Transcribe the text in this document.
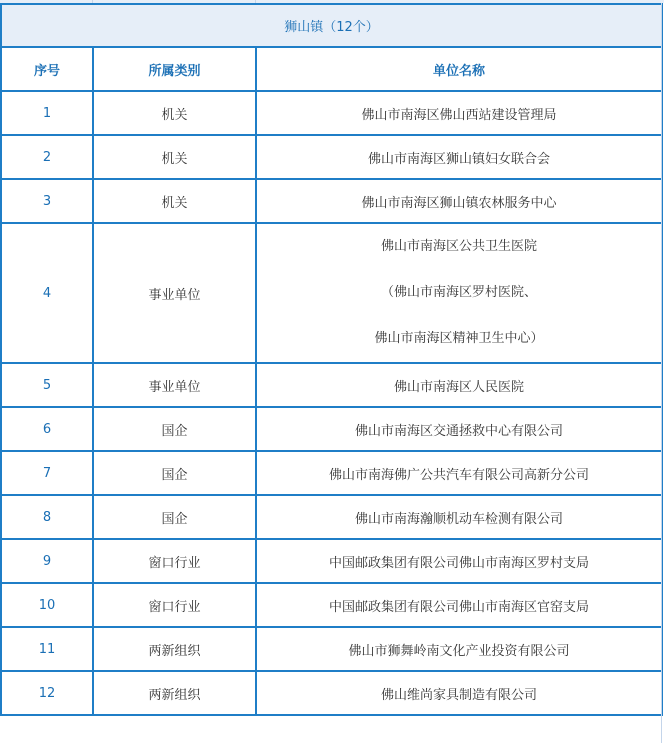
狮山镇（12个）		
序号	所属类别	单位名称
1	机关	佛山市南海区佛山西站建设管理局
2	机关	佛山市南海区狮山镇妇女联合会
3	机关	佛山市南海区狮山镇农林服务中心
4	事业单位	佛山市南海区公共卫生医院
（佛山市南海区罗村医院、
佛山市南海区精神卫生中心）

5	事业单位	佛山市南海区人民医院
6	国企	佛山市南海区交通拯救中心有限公司
7	国企	佛山市南海佛广公共汽车有限公司高新分公司
8	国企	佛山市南海瀚顺机动车检测有限公司
9	窗口行业	中国邮政集团有限公司佛山市南海区罗村支局
10	窗口行业	中国邮政集团有限公司佛山市南海区官窑支局
11	两新组织	佛山市狮舞岭南文化产业投资有限公司
12	两新组织	佛山维尚家具制造有限公司
